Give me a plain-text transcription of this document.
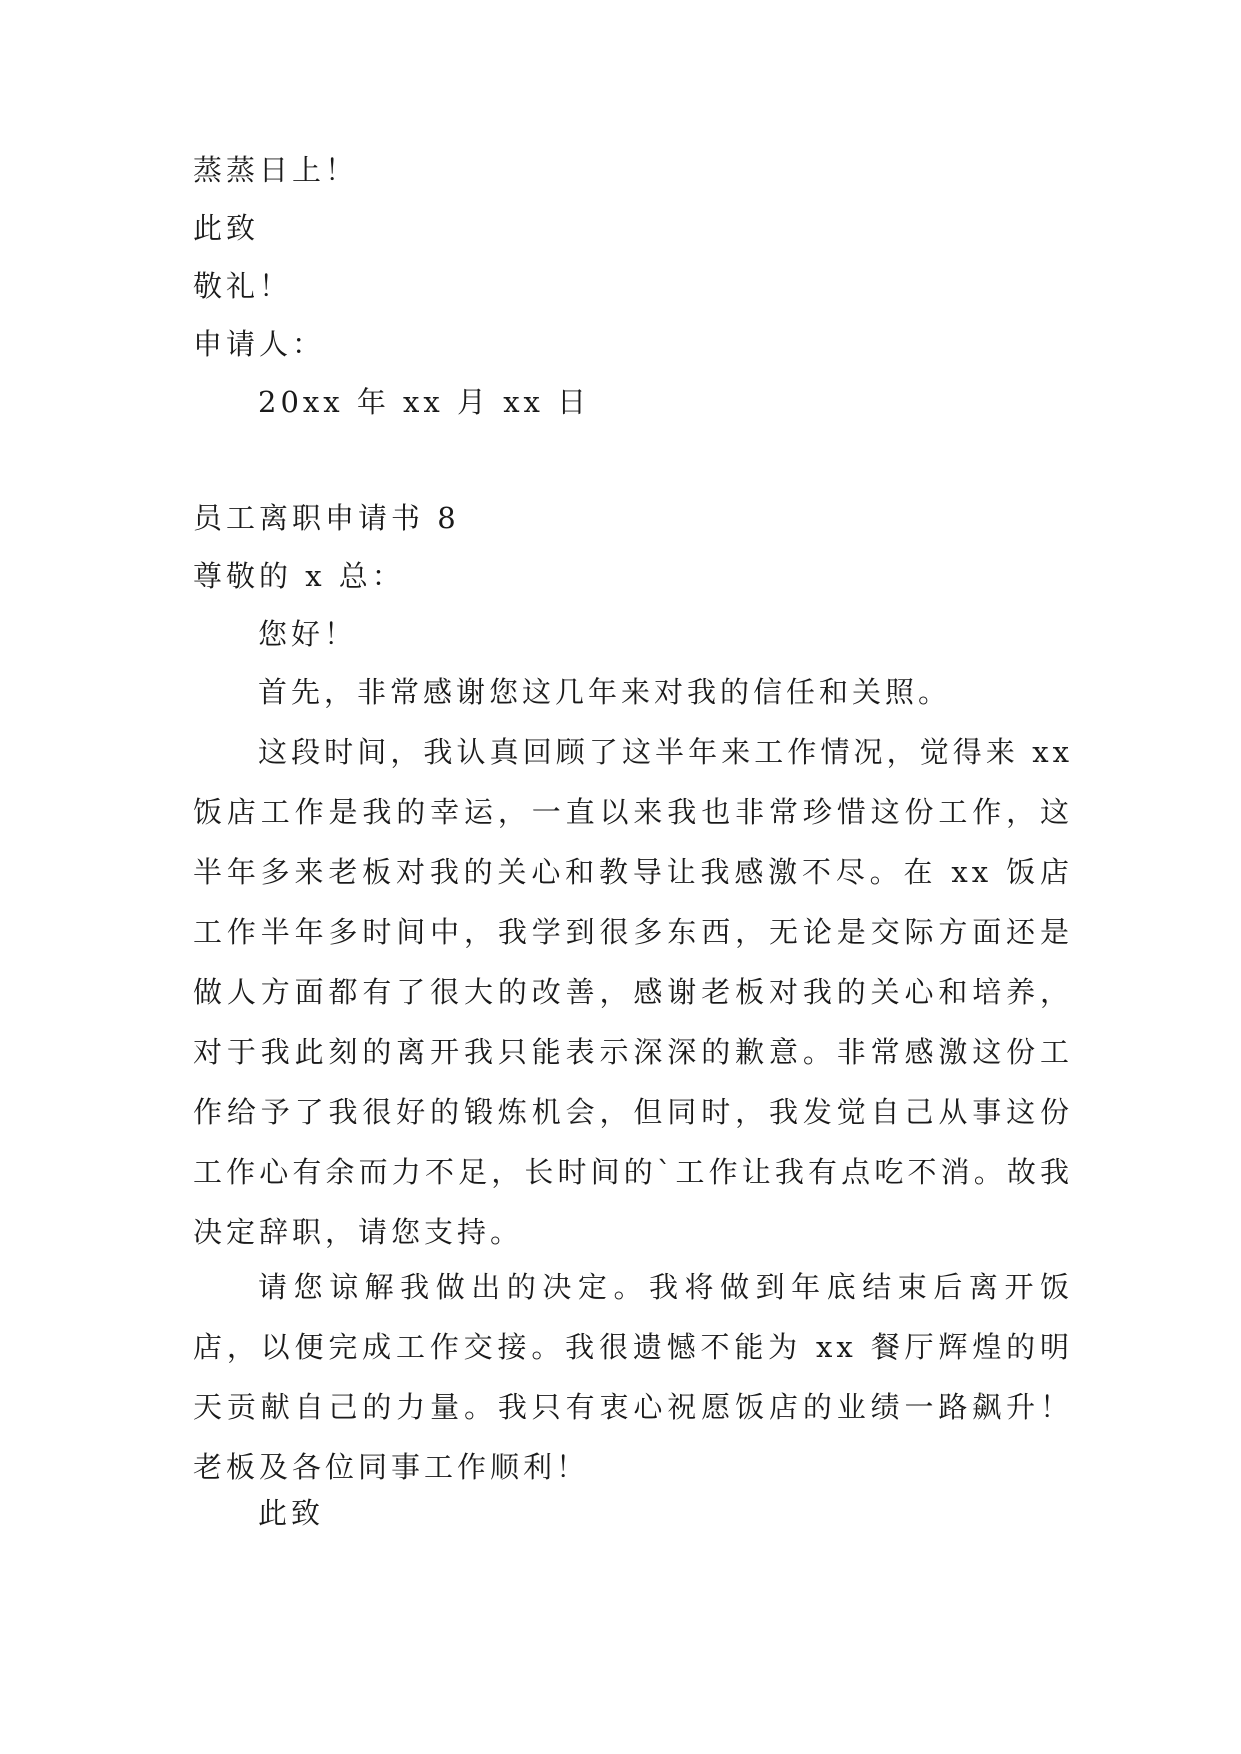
蒸蒸日上！
此致
敬礼！
申请人：
20xx 年 xx 月 xx 日
员工离职申请书 8
尊敬的 x 总：
您好！
首先，非常感谢您这几年来对我的信任和关照。
这段时间，我认真回顾了这半年来工作情况，觉得来 xx 饭店工作是我的幸运，一直以来我也非常珍惜这份工作，这半年多来老板对我的关心和教导让我感激不尽。在 xx 饭店工作半年多时间中，我学到很多东西，无论是交际方面还是做人方面都有了很大的改善，感谢老板对我的关心和培养，对于我此刻的离开我只能表示深深的歉意。非常感激这份工作给予了我很好的锻炼机会，但同时，我发觉自己从事这份工作心有余而力不足，长时间的`工作让我有点吃不消。故我决定辞职，请您支持。
请您谅解我做出的决定。我将做到年底结束后离开饭店，以便完成工作交接。我很遗憾不能为 xx 餐厅辉煌的明天贡献自己的力量。我只有衷心祝愿饭店的业绩一路飙升！老板及各位同事工作顺利！
此致
